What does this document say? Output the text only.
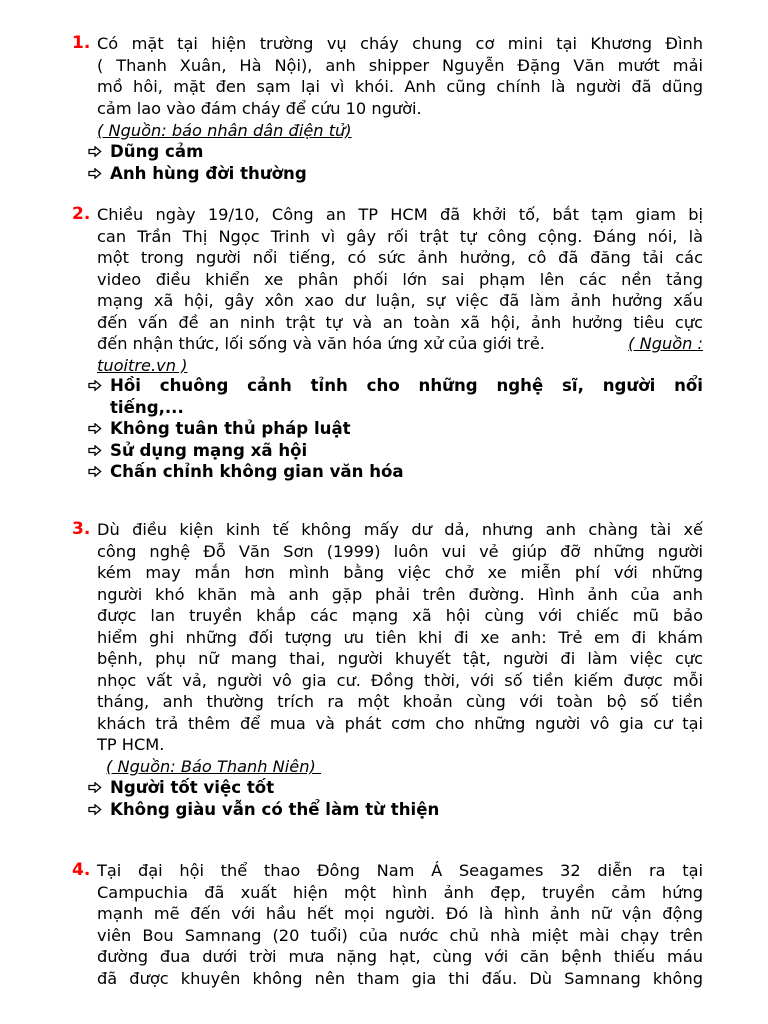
1. Có mặt tại hiện trường vụ cháy chung cơ mini tại Khương Đình
( Thanh Xuân, Hà Nội), anh shipper Nguyễn Đặng Văn mướt mải
mồ hôi, mặt đen sạm lại vì khói. Anh cũng chính là người đã dũng
cảm lao vào đám cháy để cứu 10 người.
( Nguồn: báo nhân dân điện tử)
Dũng cảm
Anh hùng đời thường
2. Chiều ngày 19/10, Công an TP HCM đã khởi tố, bắt tạm giam bị
can Trần Thị Ngọc Trinh vì gây rối trật tự công cộng. Đáng nói, là
một trong người nổi tiếng, có sức ảnh hưởng, cô đã đăng tải các
video điều khiển xe phân phối lớn sai phạm lên các nền tảng
mạng xã hội, gây xôn xao dư luận, sự việc đã làm ảnh hưởng xấu
đến vấn đề an ninh trật tự và an toàn xã hội, ảnh hưởng tiêu cực
đến nhận thức, lối sống và văn hóa ứng xử của giới trẻ.	( Nguồn :
tuoitre.vn )
Hồi chuông cảnh tỉnh cho những nghệ sĩ, người nổi
tiếng,...
Không tuân thủ pháp luật
Sử dụng mạng xã hội
Chấn chỉnh không gian văn hóa
3. Dù điều kiện kinh tế không mấy dư dả, nhưng anh chàng tài xế
công nghệ Đỗ Văn Sơn (1999) luôn vui vẻ giúp đỡ những người
kém may mắn hơn mình bằng việc chở xe miễn phí với những
người khó khăn mà anh gặp phải trên đường. Hình ảnh của anh
được lan truyền khắp các mạng xã hội cùng với chiếc mũ bảo
hiểm ghi những đối tượng ưu tiên khi đi xe anh: Trẻ em đi khám
bệnh, phụ nữ mang thai, người khuyết tật, người đi làm việc cực
nhọc vất vả, người vô gia cư. Đồng thời, với số tiền kiếm được mỗi
tháng, anh thường trích ra một khoản cùng với toàn bộ số tiền
khách trả thêm để mua và phát cơm cho những người vô gia cư tại
TP HCM.
( Nguồn: Báo Thanh Niên)
Người tốt việc tốt
Không giàu vẫn có thể làm từ thiện
4. Tại đại hội thể thao Đông Nam Á Seagames 32 diễn ra tại
Campuchia đã xuất hiện một hình ảnh đẹp, truyền cảm hứng
mạnh mẽ đến với hầu hết mọi người. Đó là hình ảnh nữ vận động
viên Bou Samnang (20 tuổi) của nước chủ nhà miệt mài chạy trên
đường đua dưới trời mưa nặng hạt, cùng với căn bệnh thiếu máu
đã được khuyên không nên tham gia thi đấu. Dù Samnang không
